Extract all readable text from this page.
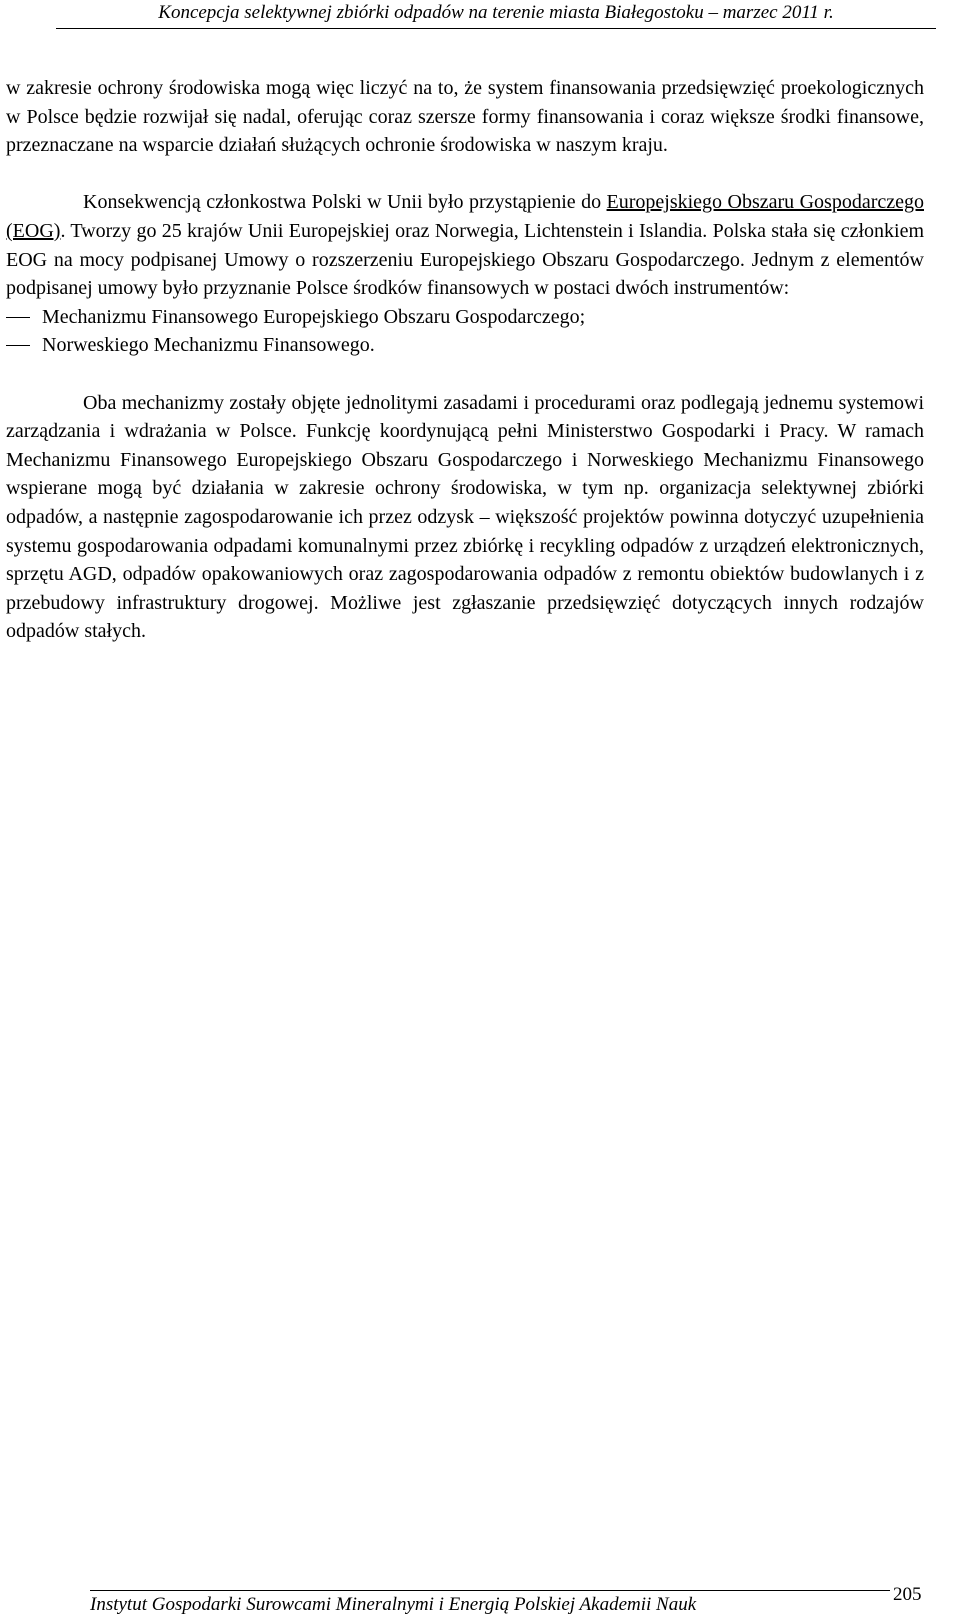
Koncepcja selektywnej zbiórki odpadów na terenie miasta Białegostoku – marzec 2011 r.

w zakresie ochrony środowiska mogą więc liczyć na to, że system finansowania przedsięwzięć proekologicznych w Polsce będzie rozwijał się nadal, oferując coraz szersze formy finansowania i coraz większe środki finansowe, przeznaczane na wsparcie działań służących ochronie środowiska w naszym kraju.

Konsekwencją członkostwa Polski w Unii było przystąpienie do Europejskiego Obszaru Gospodarczego (EOG). Tworzy go 25 krajów Unii Europejskiej oraz Norwegia, Lichtenstein i Islandia. Polska stała się członkiem EOG na mocy podpisanej Umowy o rozszerzeniu Europejskiego Obszaru Gospodarczego. Jednym z elementów podpisanej umowy było przyznanie Polsce środków finansowych w postaci dwóch instrumentów:

Mechanizmu Finansowego Europejskiego Obszaru Gospodarczego;
Norweskiego Mechanizmu Finansowego.

Oba mechanizmy zostały objęte jednolitymi zasadami i procedurami oraz podlegają jednemu systemowi zarządzania i wdrażania w Polsce. Funkcję koordynującą pełni Ministerstwo Gospodarki i Pracy. W ramach Mechanizmu Finansowego Europejskiego Obszaru Gospodarczego i Norweskiego Mechanizmu Finansowego wspierane mogą być działania w zakresie ochrony środowiska, w tym np. organizacja selektywnej zbiórki odpadów, a następnie zagospodarowanie ich przez odzysk – większość projektów powinna dotyczyć uzupełnienia systemu gospodarowania odpadami komunalnymi przez zbiórkę i recykling odpadów z urządzeń elektronicznych, sprzętu AGD, odpadów opakowaniowych oraz zagospodarowania odpadów z remontu obiektów budowlanych i z przebudowy infrastruktury drogowej. Możliwe jest zgłaszanie przedsięwzięć dotyczących innych rodzajów odpadów stałych.

Instytut Gospodarki Surowcami Mineralnymi i Energią Polskiej Akademii Nauk	205
